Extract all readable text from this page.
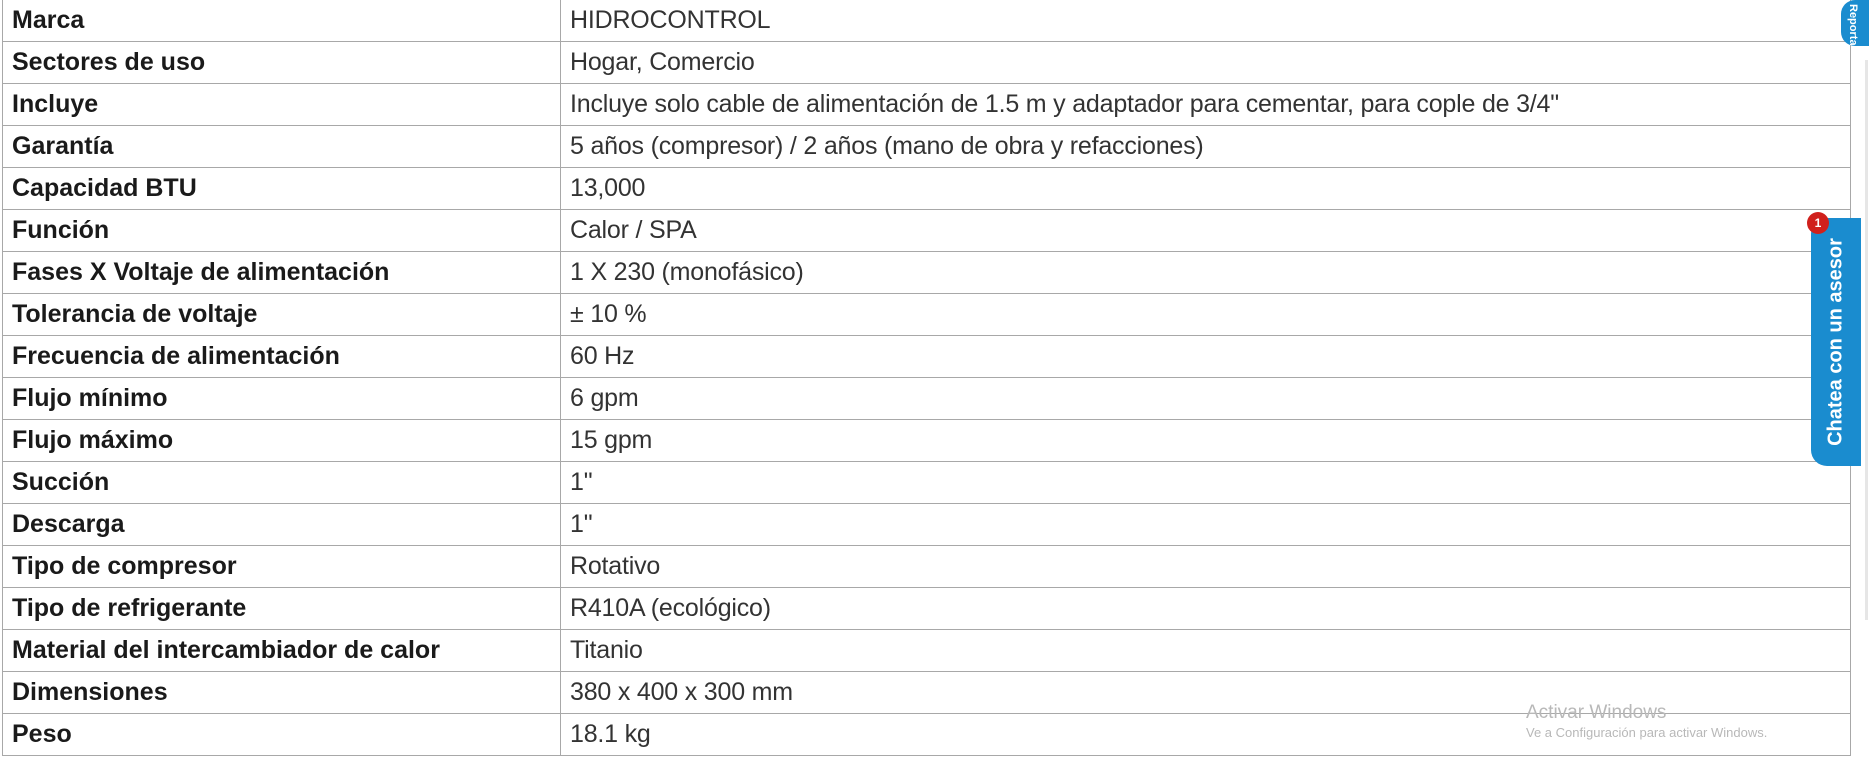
Marca	HIDROCONTROL
Sectores de uso	Hogar, Comercio
Incluye	Incluye solo cable de alimentación de 1.5 m y adaptador para cementar, para cople de 3/4"
Garantía	5 años (compresor) / 2 años (mano de obra y refacciones)
Capacidad BTU	13,000
Función	Calor / SPA
Fases X Voltaje de alimentación	1 X 230 (monofásico)
Tolerancia de voltaje	± 10 %
Frecuencia de alimentación	60 Hz
Flujo mínimo	6 gpm
Flujo máximo	15 gpm
Succión	1"
Descarga	1"
Tipo de compresor	Rotativo
Tipo de refrigerante	R410A (ecológico)
Material del intercambiador de calor	Titanio
Dimensiones	380 x 400 x 300 mm
Peso	18.1 kg
Reporta
Chatea con un asesor
1
Activar Windows
Ve a Configuración para activar Windows.
